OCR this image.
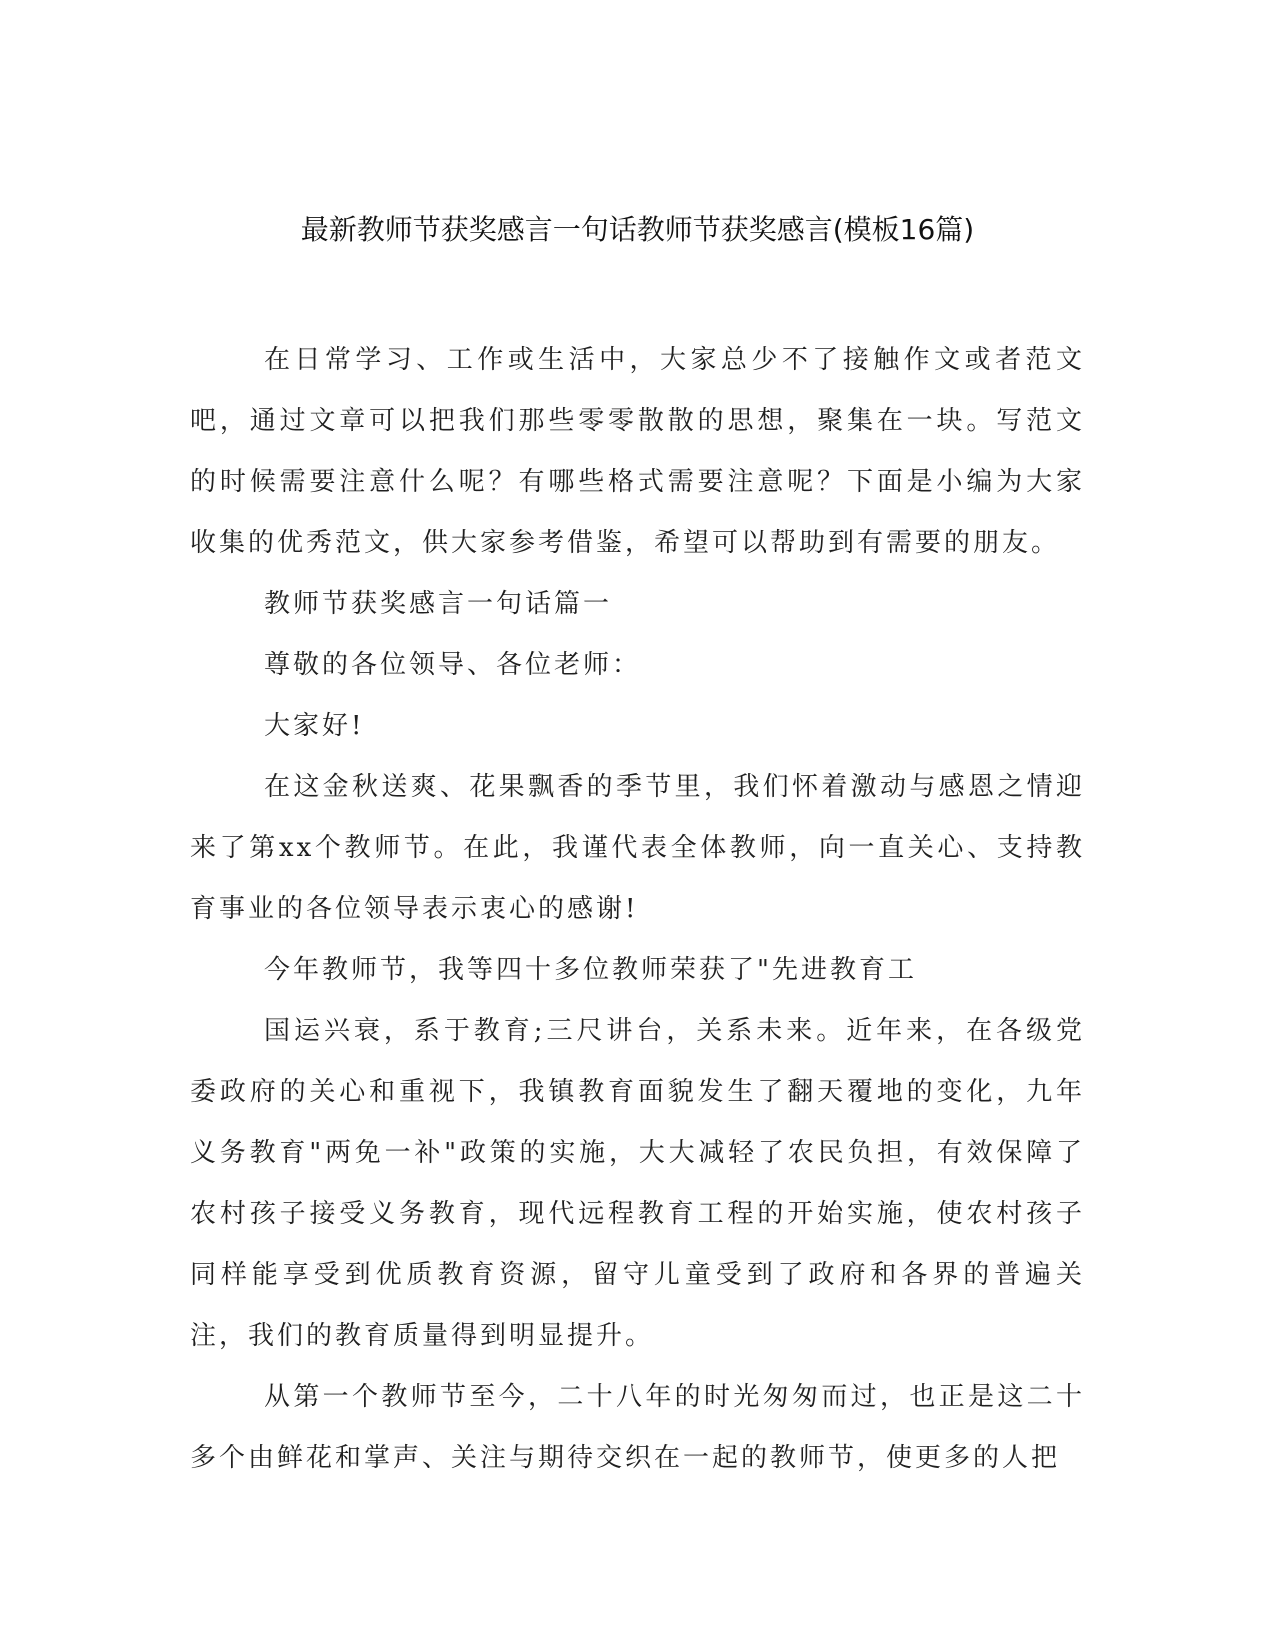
最新教师节获奖感言一句话教师节获奖感言(模板16篇)

在日常学习、工作或生活中，大家总少不了接触作文或者范文吧，通过文章可以把我们那些零零散散的思想，聚集在一块。写范文的时候需要注意什么呢？有哪些格式需要注意呢？下面是小编为大家收集的优秀范文，供大家参考借鉴，希望可以帮助到有需要的朋友。

教师节获奖感言一句话篇一

尊敬的各位领导、各位老师：

大家好!

在这金秋送爽、花果飘香的季节里，我们怀着激动与感恩之情迎来了第xx个教师节。在此，我谨代表全体教师，向一直关心、支持教育事业的各位领导表示衷心的感谢!

今年教师节，我等四十多位教师荣获了"先进教育工

国运兴衰，系于教育;三尺讲台，关系未来。近年来，在各级党委政府的关心和重视下，我镇教育面貌发生了翻天覆地的变化，九年义务教育"两免一补"政策的实施，大大减轻了农民负担，有效保障了农村孩子接受义务教育，现代远程教育工程的开始实施，使农村孩子同样能享受到优质教育资源，留守儿童受到了政府和各界的普遍关注，我们的教育质量得到明显提升。

从第一个教师节至今，二十八年的时光匆匆而过，也正是这二十多个由鲜花和掌声、关注与期待交织在一起的教师节，使更多的人把
